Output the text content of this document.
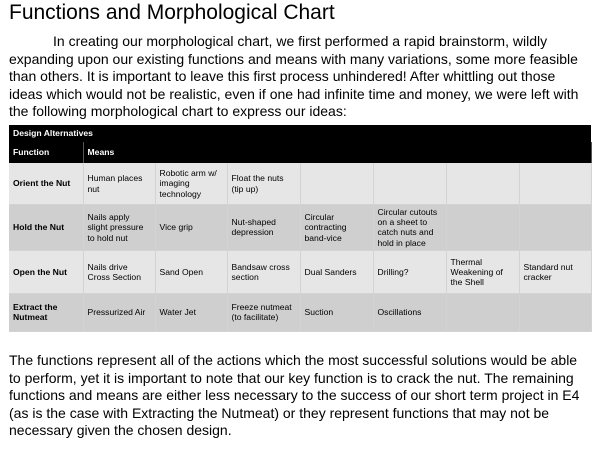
Functions and Morphological Chart

In creating our morphological chart, we first performed a rapid brainstorm, wildly expanding upon our existing functions and means with many variations, some more feasible than others. It is important to leave this first process unhindered! After whittling out those ideas which would not be realistic, even if one had infinite time and money, we were left with the following morphological chart to express our ideas:

Design Alternatives							
Function	Means						
Orient the Nut	Human places nut	Robotic arm w/ imaging technology	Float the nuts (tip up)				
Hold the Nut	Nails apply slight pressure to hold nut	Vice grip	Nut-shaped depression	Circular contracting band-vice	Circular cutouts on a sheet to catch nuts and hold in place		
Open the Nut	Nails drive Cross Section	Sand Open	Bandsaw cross section	Dual Sanders	Drilling?	Thermal Weakening of the Shell	Standard nut cracker
Extract the Nutmeat	Pressurized Air	Water Jet	Freeze nutmeat (to facilitate)	Suction	Oscillations		

The functions represent all of the actions which the most successful solutions would be able to perform, yet it is important to note that our key function is to crack the nut. The remaining functions and means are either less necessary to the success of our short term project in E4 (as is the case with Extracting the Nutmeat) or they represent functions that may not be necessary given the chosen design.
